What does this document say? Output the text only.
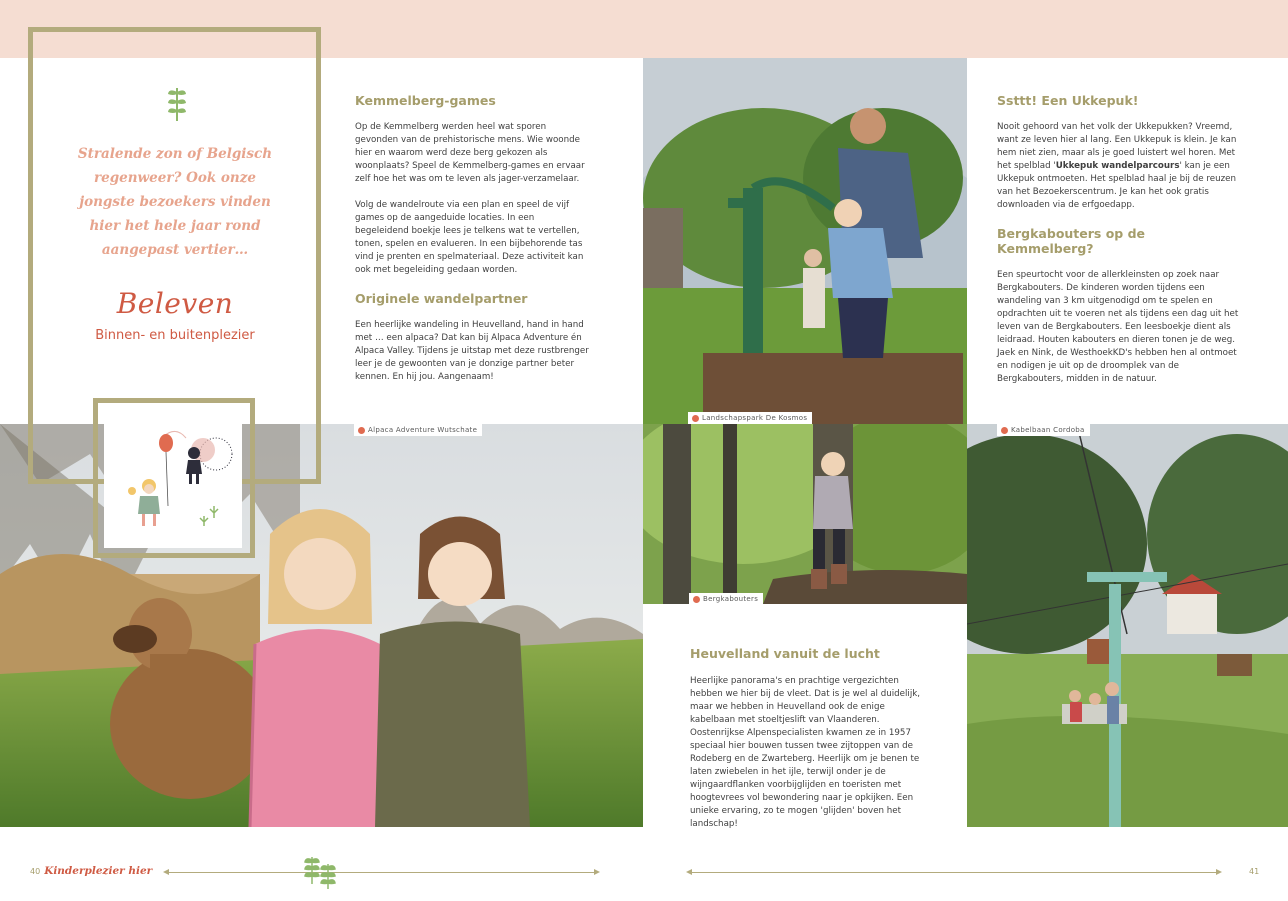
Alpaca Adventure Wutschate
Landschapspark De Kosmos
Bergkabouters
Kabelbaan Cordoba
Stralende zon of Belgisch regenweer? Ook onze jongste bezoekers vinden hier het hele jaar rond aangepast vertier…
Beleven
Binnen- en buitenplezier
Kemmelberg-games

Op de Kemmelberg werden heel wat sporen gevonden van de prehistorische mens. Wie woonde hier en waarom werd deze berg gekozen als woonplaats? Speel de Kemmelberg-games en ervaar zelf hoe het was om te leven als jager-verzamelaar.

Volg de wandelroute via een plan en speel de vijf games op de aangeduide locaties. In een begeleidend boekje lees je telkens wat te vertellen, tonen, spelen en evalueren. In een bijbehorende tas vind je prenten en spelmateriaal. Deze activiteit kan ook met begeleiding gedaan worden.

Originele wandelpartner

Een heerlijke wandeling in Heuvelland, hand in hand met … een alpaca? Dat kan bij Alpaca Adventure én Alpaca Valley. Tijdens je uitstap met deze rustbrenger leer je de gewoonten van je donzige partner beter kennen. En hij jou. Aangenaam!

Ssttt! Een Ukkepuk!

Nooit gehoord van het volk der Ukkepukken? Vreemd, want ze leven hier al lang. Een Ukkepuk is klein. Je kan hem niet zien, maar als je goed luistert wel horen. Met het spelblad 'Ukkepuk wandelparcours' kan je een Ukkepuk ontmoeten. Het spelblad haal je bij de reuzen van het Bezoekerscentrum. Je kan het ook gratis downloaden via de erfgoedapp.

Bergkabouters op de Kemmelberg?

Een speurtocht voor de allerkleinsten op zoek naar Bergkabouters. De kinderen worden tijdens een wandeling van 3 km uitgenodigd om te spelen en opdrachten uit te voeren net als tijdens een dag uit het leven van de Bergkabouters. Een leesboekje dient als leidraad. Houten kabouters en dieren tonen je de weg. Jaek en Nink, de WesthoekKD's hebben hen al ontmoet en nodigen je uit op de droomplek van de Bergkabouters, midden in de natuur.

Heuvelland vanuit de lucht

Heerlijke panorama's en prachtige vergezichten hebben we hier bij de vleet. Dat is je wel al duidelijk, maar we hebben in Heuvelland ook de enige kabelbaan met stoeltjeslift van Vlaanderen. Oostenrijkse Alpenspecialisten kwamen ze in 1957 speciaal hier bouwen tussen twee zijtoppen van de Rodeberg en de Zwarteberg. Heerlijk om je benen te laten zwiebelen in het ijle, terwijl onder je de wijngaardflanken voorbijglijden en toeristen met hoogtevrees vol bewondering naar je opkijken. Een unieke ervaring, zo te mogen 'glijden' boven het landschap!

40 Kinderplezier hier	41
